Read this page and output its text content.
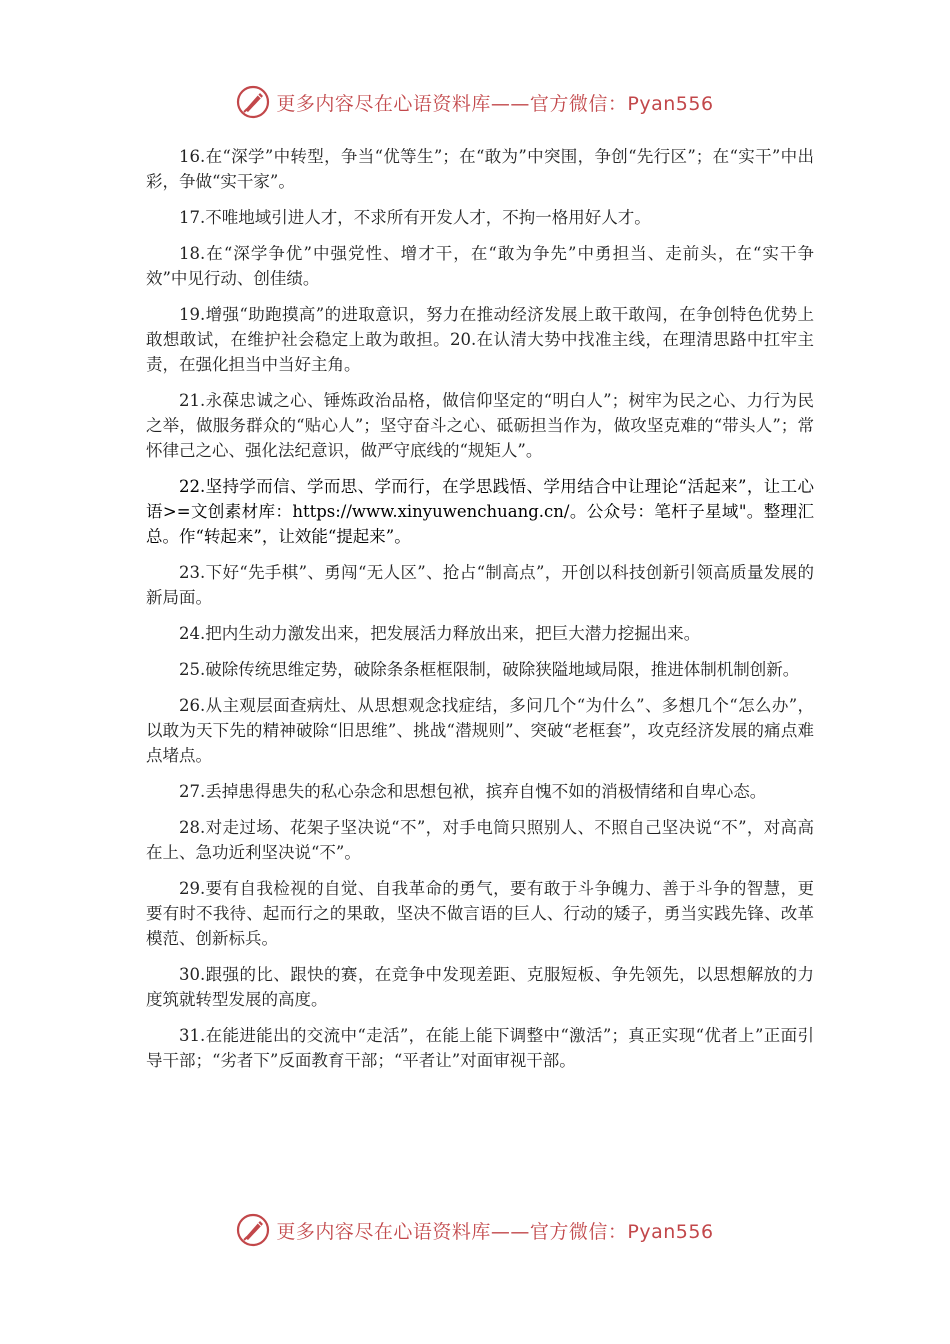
更多内容尽在心语资料库——官方微信：Pyan556

16.在“深学”中转型，争当“优等生”；在“敢为”中突围，争创“先行区”；在“实干”中出彩，争做“实干家”。

17.不唯地域引进人才，不求所有开发人才，不拘一格用好人才。

18.在“深学争优”中强党性、增才干，在“敢为争先”中勇担当、走前头，在“实干争效”中见行动、创佳绩。

19.增强“助跑摸高”的进取意识，努力在推动经济发展上敢干敢闯，在争创特色优势上敢想敢试，在维护社会稳定上敢为敢担。20.在认清大势中找准主线，在理清思路中扛牢主责，在强化担当中当好主角。

21.永葆忠诚之心、锤炼政治品格，做信仰坚定的“明白人”；树牢为民之心、力行为民之举，做服务群众的“贴心人”；坚守奋斗之心、砥砺担当作为，做攻坚克难的“带头人”；常怀律己之心、强化法纪意识，做严守底线的“规矩人”。

22.坚持学而信、学而思、学而行，在学思践悟、学用结合中让理论“活起来”，让工心语>=文创素材库：https://www.xinyuwenchuang.cn/。公众号：笔杆子星域"。整理汇总。作“转起来”，让效能“提起来”。

23.下好“先手棋”、勇闯“无人区”、抢占“制高点”，开创以科技创新引领高质量发展的新局面。

24.把内生动力激发出来，把发展活力释放出来，把巨大潜力挖掘出来。

25.破除传统思维定势，破除条条框框限制，破除狭隘地域局限，推进体制机制创新。

26.从主观层面查病灶、从思想观念找症结，多问几个“为什么”、多想几个“怎么办”，以敢为天下先的精神破除“旧思维”、挑战“潜规则”、突破“老框套”，攻克经济发展的痛点难点堵点。

27.丢掉患得患失的私心杂念和思想包袱，摈弃自愧不如的消极情绪和自卑心态。

28.对走过场、花架子坚决说“不”，对手电筒只照别人、不照自己坚决说“不”，对高高在上、急功近利坚决说“不”。

29.要有自我检视的自觉、自我革命的勇气，要有敢于斗争魄力、善于斗争的智慧，更要有时不我待、起而行之的果敢，坚决不做言语的巨人、行动的矮子，勇当实践先锋、改革模范、创新标兵。

30.跟强的比、跟快的赛，在竞争中发现差距、克服短板、争先领先，以思想解放的力度筑就转型发展的高度。

31.在能进能出的交流中“走活”，在能上能下调整中“激活”；真正实现“优者上”正面引导干部；“劣者下”反面教育干部；“平者让”对面审视干部。

更多内容尽在心语资料库——官方微信：Pyan556
